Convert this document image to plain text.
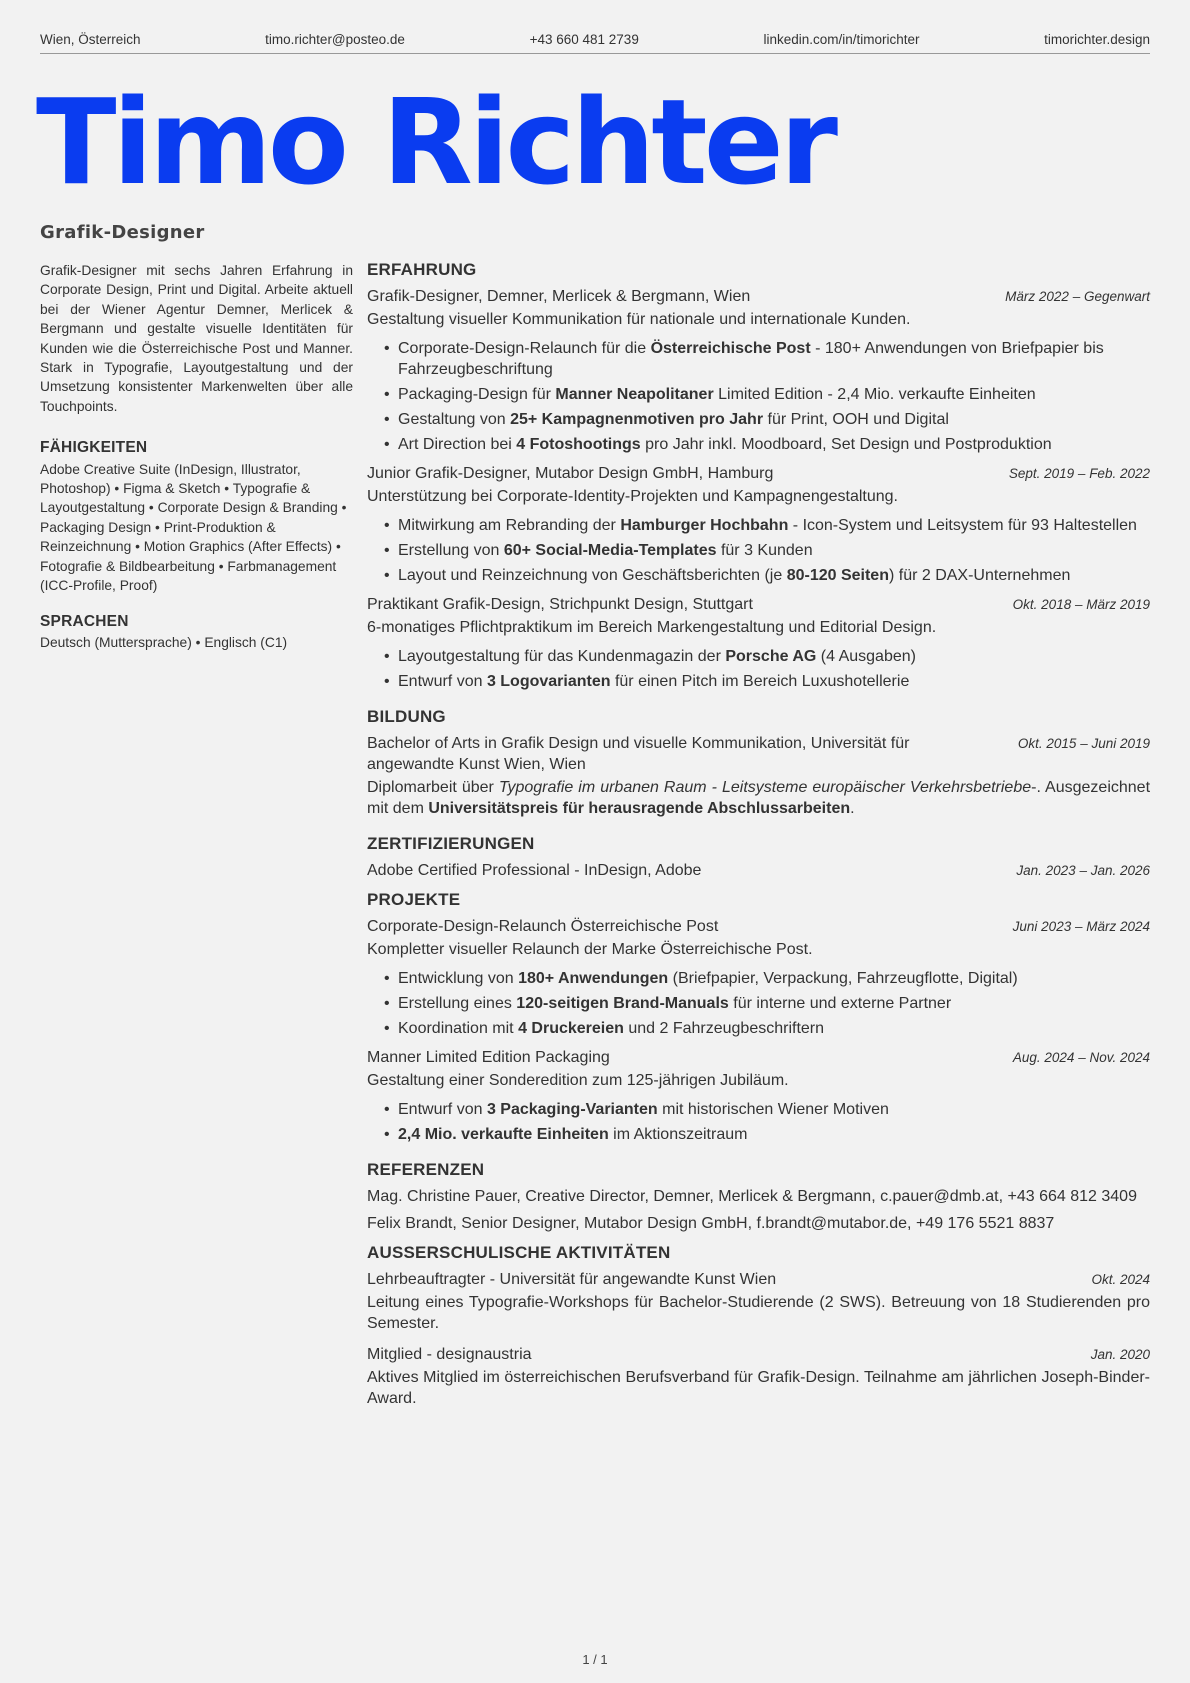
Wien, Österreich	timo.richter@posteo.de	+43 660 481 2739	linkedin.com/in/timorichter	timorichter.design
Timo Richter
Grafik-Designer

Grafik-Designer mit sechs Jahren Erfahrung in Corporate Design, Print und Digital. Arbeite aktuell bei der Wiener Agentur Demner, Merlicek & Bergmann und gestalte visuelle Identitäten für Kunden wie die Österreichische Post und Manner. Stark in Typografie, Layoutgestaltung und der Umsetzung konsistenter Markenwelten über alle Touchpoints.

FÄHIGKEITEN

Adobe Creative Suite (InDesign, Illustrator, Photoshop) • Figma & Sketch • Typografie & Layoutgestaltung • Corporate Design & Branding • Packaging Design • Print-Produktion & Reinzeichnung • Motion Graphics (After Effects) • Fotografie & Bildbearbeitung • Farbmanagement (ICC-Profile, Proof)

SPRACHEN

Deutsch (Muttersprache) • Englisch (C1)

ERFAHRUNG
Grafik-Designer, Demner, Merlicek & Bergmann, Wien	März 2022 – Gegenwart
Gestaltung visueller Kommunikation für nationale und internationale Kunden.
• Corporate-Design-Relaunch für die Österreichische Post - 180+ Anwendungen von Briefpapier bis Fahrzeugbeschriftung
• Packaging-Design für Manner Neapolitaner Limited Edition - 2,4 Mio. verkaufte Einheiten
• Gestaltung von 25+ Kampagnenmotiven pro Jahr für Print, OOH und Digital
• Art Direction bei 4 Fotoshootings pro Jahr inkl. Moodboard, Set Design und Postproduktion
Junior Grafik-Designer, Mutabor Design GmbH, Hamburg	Sept. 2019 – Feb. 2022
Unterstützung bei Corporate-Identity-Projekten und Kampagnengestaltung.
• Mitwirkung am Rebranding der Hamburger Hochbahn - Icon-System und Leitsystem für 93 Haltestellen
• Erstellung von 60+ Social-Media-Templates für 3 Kunden
• Layout und Reinzeichnung von Geschäftsberichten (je 80-120 Seiten) für 2 DAX-Unternehmen
Praktikant Grafik-Design, Strichpunkt Design, Stuttgart	Okt. 2018 – März 2019
6-monatiges Pflichtpraktikum im Bereich Markengestaltung und Editorial Design.
• Layoutgestaltung für das Kundenmagazin der Porsche AG (4 Ausgaben)
• Entwurf von 3 Logovarianten für einen Pitch im Bereich Luxushotellerie
BILDUNG
Bachelor of Arts in Grafik Design und visuelle Kommunikation, Universität für angewandte Kunst Wien, Wien
Okt. 2015 – Juni 2019
Diplomarbeit über Typografie im urbanen Raum - Leitsysteme europäischer Verkehrsbetriebe-. Ausgezeichnet mit dem Universitätspreis für herausragende Abschlussarbeiten.
ZERTIFIZIERUNGEN
Adobe Certified Professional - InDesign, Adobe	Jan. 2023 – Jan. 2026
PROJEKTE
Corporate-Design-Relaunch Österreichische Post	Juni 2023 – März 2024
Kompletter visueller Relaunch der Marke Österreichische Post.
• Entwicklung von 180+ Anwendungen (Briefpapier, Verpackung, Fahrzeugflotte, Digital)
• Erstellung eines 120-seitigen Brand-Manuals für interne und externe Partner
• Koordination mit 4 Druckereien und 2 Fahrzeugbeschriftern
Manner Limited Edition Packaging	Aug. 2024 – Nov. 2024
Gestaltung einer Sonderedition zum 125-jährigen Jubiläum.
• Entwurf von 3 Packaging-Varianten mit historischen Wiener Motiven
• 2,4 Mio. verkaufte Einheiten im Aktionszeitraum
REFERENZEN
Mag. Christine Pauer, Creative Director, Demner, Merlicek & Bergmann, c.pauer@dmb.at, +43 664 812 3409
Felix Brandt, Senior Designer, Mutabor Design GmbH, f.brandt@mutabor.de, +49 176 5521 8837
AUSSERSCHULISCHE AKTIVITÄTEN
Lehrbeauftragter - Universität für angewandte Kunst Wien	Okt. 2024
Leitung eines Typografie-Workshops für Bachelor-Studierende (2 SWS). Betreuung von 18 Studierenden pro Semester.
Mitglied - designaustria	Jan. 2020
Aktives Mitglied im österreichischen Berufsverband für Grafik-Design. Teilnahme am jährlichen Joseph-Binder-Award.
1 / 1
